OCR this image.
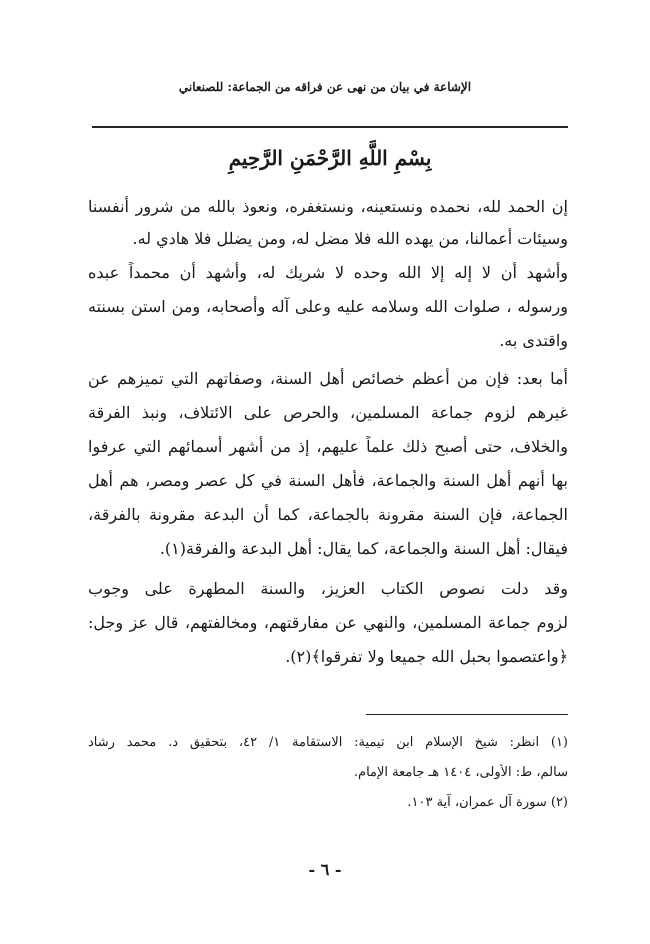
الإشاعة في بيان من نهى عن فراقه من الجماعة: للصنعاني
بِسْمِ اللَّهِ الرَّحْمَنِ الرَّحِيمِ
إن الحمد لله، نحمده ونستعينه، ونستغفره، ونعوذ بالله من شرور أنفسنا
وسيئات أعمالنا، من يهده الله فلا مضل له، ومن يضلل فلا هادي له.
وأشهد أن لا إله إلا الله وحده لا شريك له، وأشهد أن محمداً عبده
ورسوله ، صلوات الله وسلامه عليه وعلى آله وأصحابه، ومن استن بسنته
واقتدى به.
أما بعد: فإن من أعظم خصائص أهل السنة، وصفاتهم التي تميزهم عن
غيرهم لزوم جماعة المسلمين، والحرص على الائتلاف، ونبذ الفرقة
والخلاف، حتى أصبح ذلك علماً عليهم، إذ من أشهر أسمائهم التي عرفوا
بها أنهم أهل السنة والجماعة، فأهل السنة في كل عصر ومصر، هم أهل
الجماعة، فإن السنة مقرونة بالجماعة، كما أن البدعة مقرونة بالفرقة،
فيقال: أهل السنة والجماعة، كما يقال: أهل البدعة والفرقة(١).
وقد دلت نصوص الكتاب العزيز، والسنة المطهرة على وجوب
لزوم جماعة المسلمين، والنهي عن مفارقتهم، ومخالفتهم، قال عز وجل:
﴿واعتصموا بحبل الله جميعا ولا تفرقوا﴾(٢).
(١) انظر: شيخ الإسلام ابن تيمية: الاستقامة ١/ ٤٢، بتحقيق د. محمد رشاد
سالم، ط: الأولى، ١٤٠٤ هـ جامعة الإمام.
(٢) سورة آل عمران، آية ١٠٣.
- ٦ -
